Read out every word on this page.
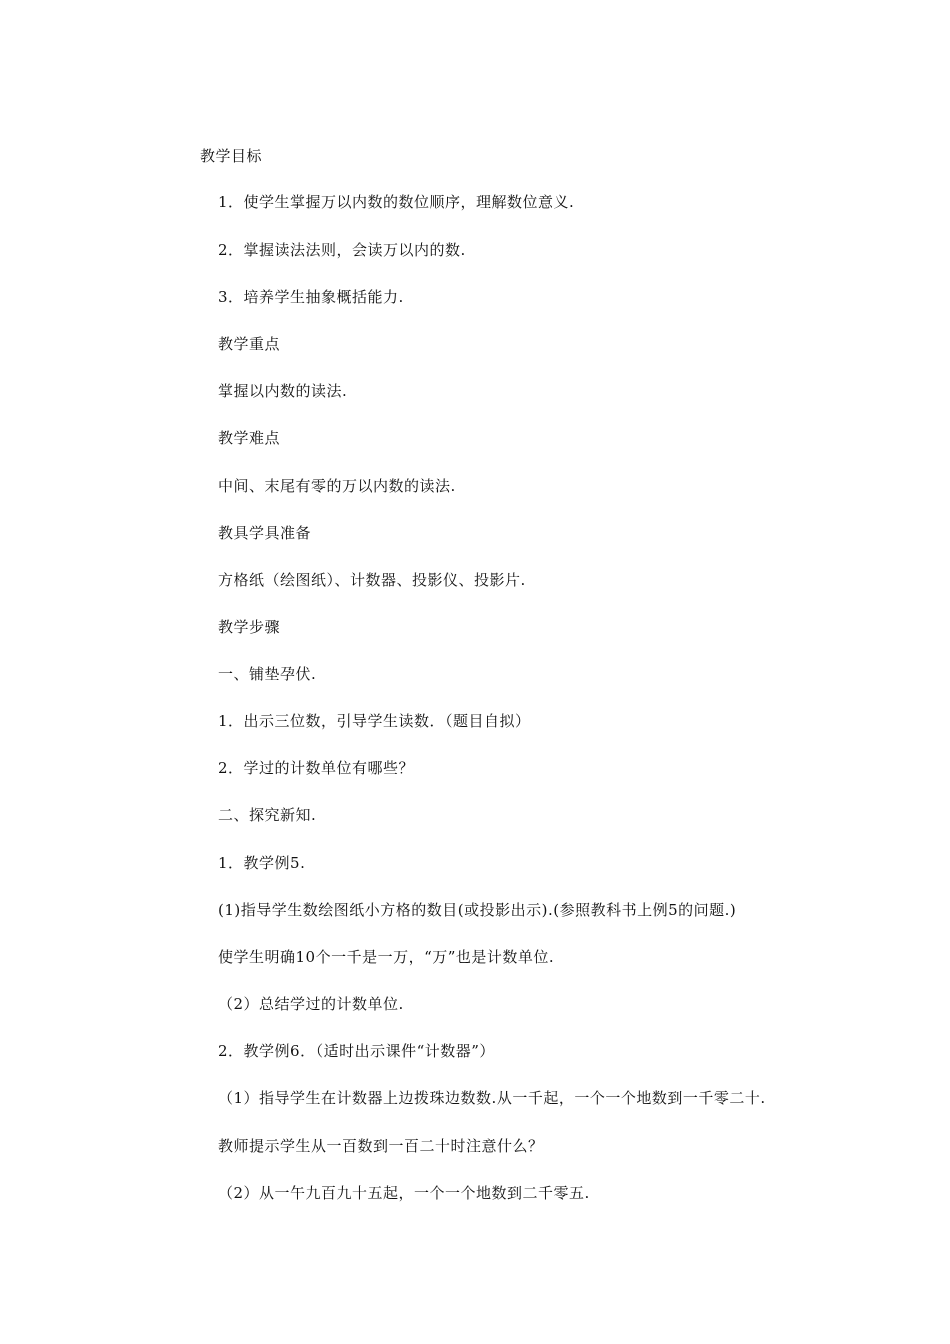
教学目标
1．使学生掌握万以内数的数位顺序，理解数位意义.
2．掌握读法法则，会读万以内的数.
3．培养学生抽象概括能力.
教学重点
掌握以内数的读法.
教学难点
中间、末尾有零的万以内数的读法.
教具学具准备
方格纸（绘图纸）、计数器、投影仪、投影片.
教学步骤
一、铺垫孕伏.
1．出示三位数，引导学生读数．（题目自拟）
2．学过的计数单位有哪些？
二、探究新知.
1．教学例5.
(1)指导学生数绘图纸小方格的数目(或投影出示).(参照教科书上例5的问题.)
使学生明确10个一千是一万，“万”也是计数单位.
（2）总结学过的计数单位.
2．教学例6．（适时出示课件“计数器”）
（1）指导学生在计数器上边拨珠边数数.从一千起，一个一个地数到一千零二十.
教师提示学生从一百数到一百二十时注意什么？
（2）从一午九百九十五起，一个一个地数到二千零五.
